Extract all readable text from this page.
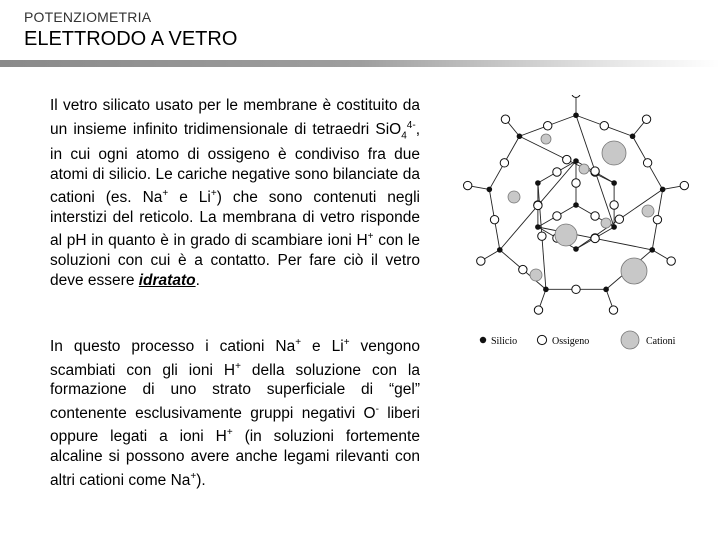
POTENZIOMETRIA
ELETTRODO A VETRO
Il vetro silicato usato per le membrane è costituito da un insieme infinito tridimensionale di tetraedri SiO$_4^{4-}$, in cui ogni atomo di ossigeno è condiviso fra due atomi di silicio. Le cariche negative sono bilanciate da cationi (es. Na+ e Li+) che sono contenuti negli interstizi del reticolo. La membrana di vetro risponde al pH in quanto è in grado di scambiare ioni H+ con le soluzioni con cui è a contatto. Per fare ciò il vetro deve essere idratato.
In questo processo i cationi Na+ e Li+ vengono scambiati con gli ioni H+ della soluzione con la formazione di uno strato superficiale di “gel” contenente esclusivamente gruppi negativi O- liberi oppure legati a ioni H+ (in soluzioni fortemente alcaline si possono avere anche legami rilevanti con altri cationi come Na+).
Silicio	Ossigeno	Cationi
